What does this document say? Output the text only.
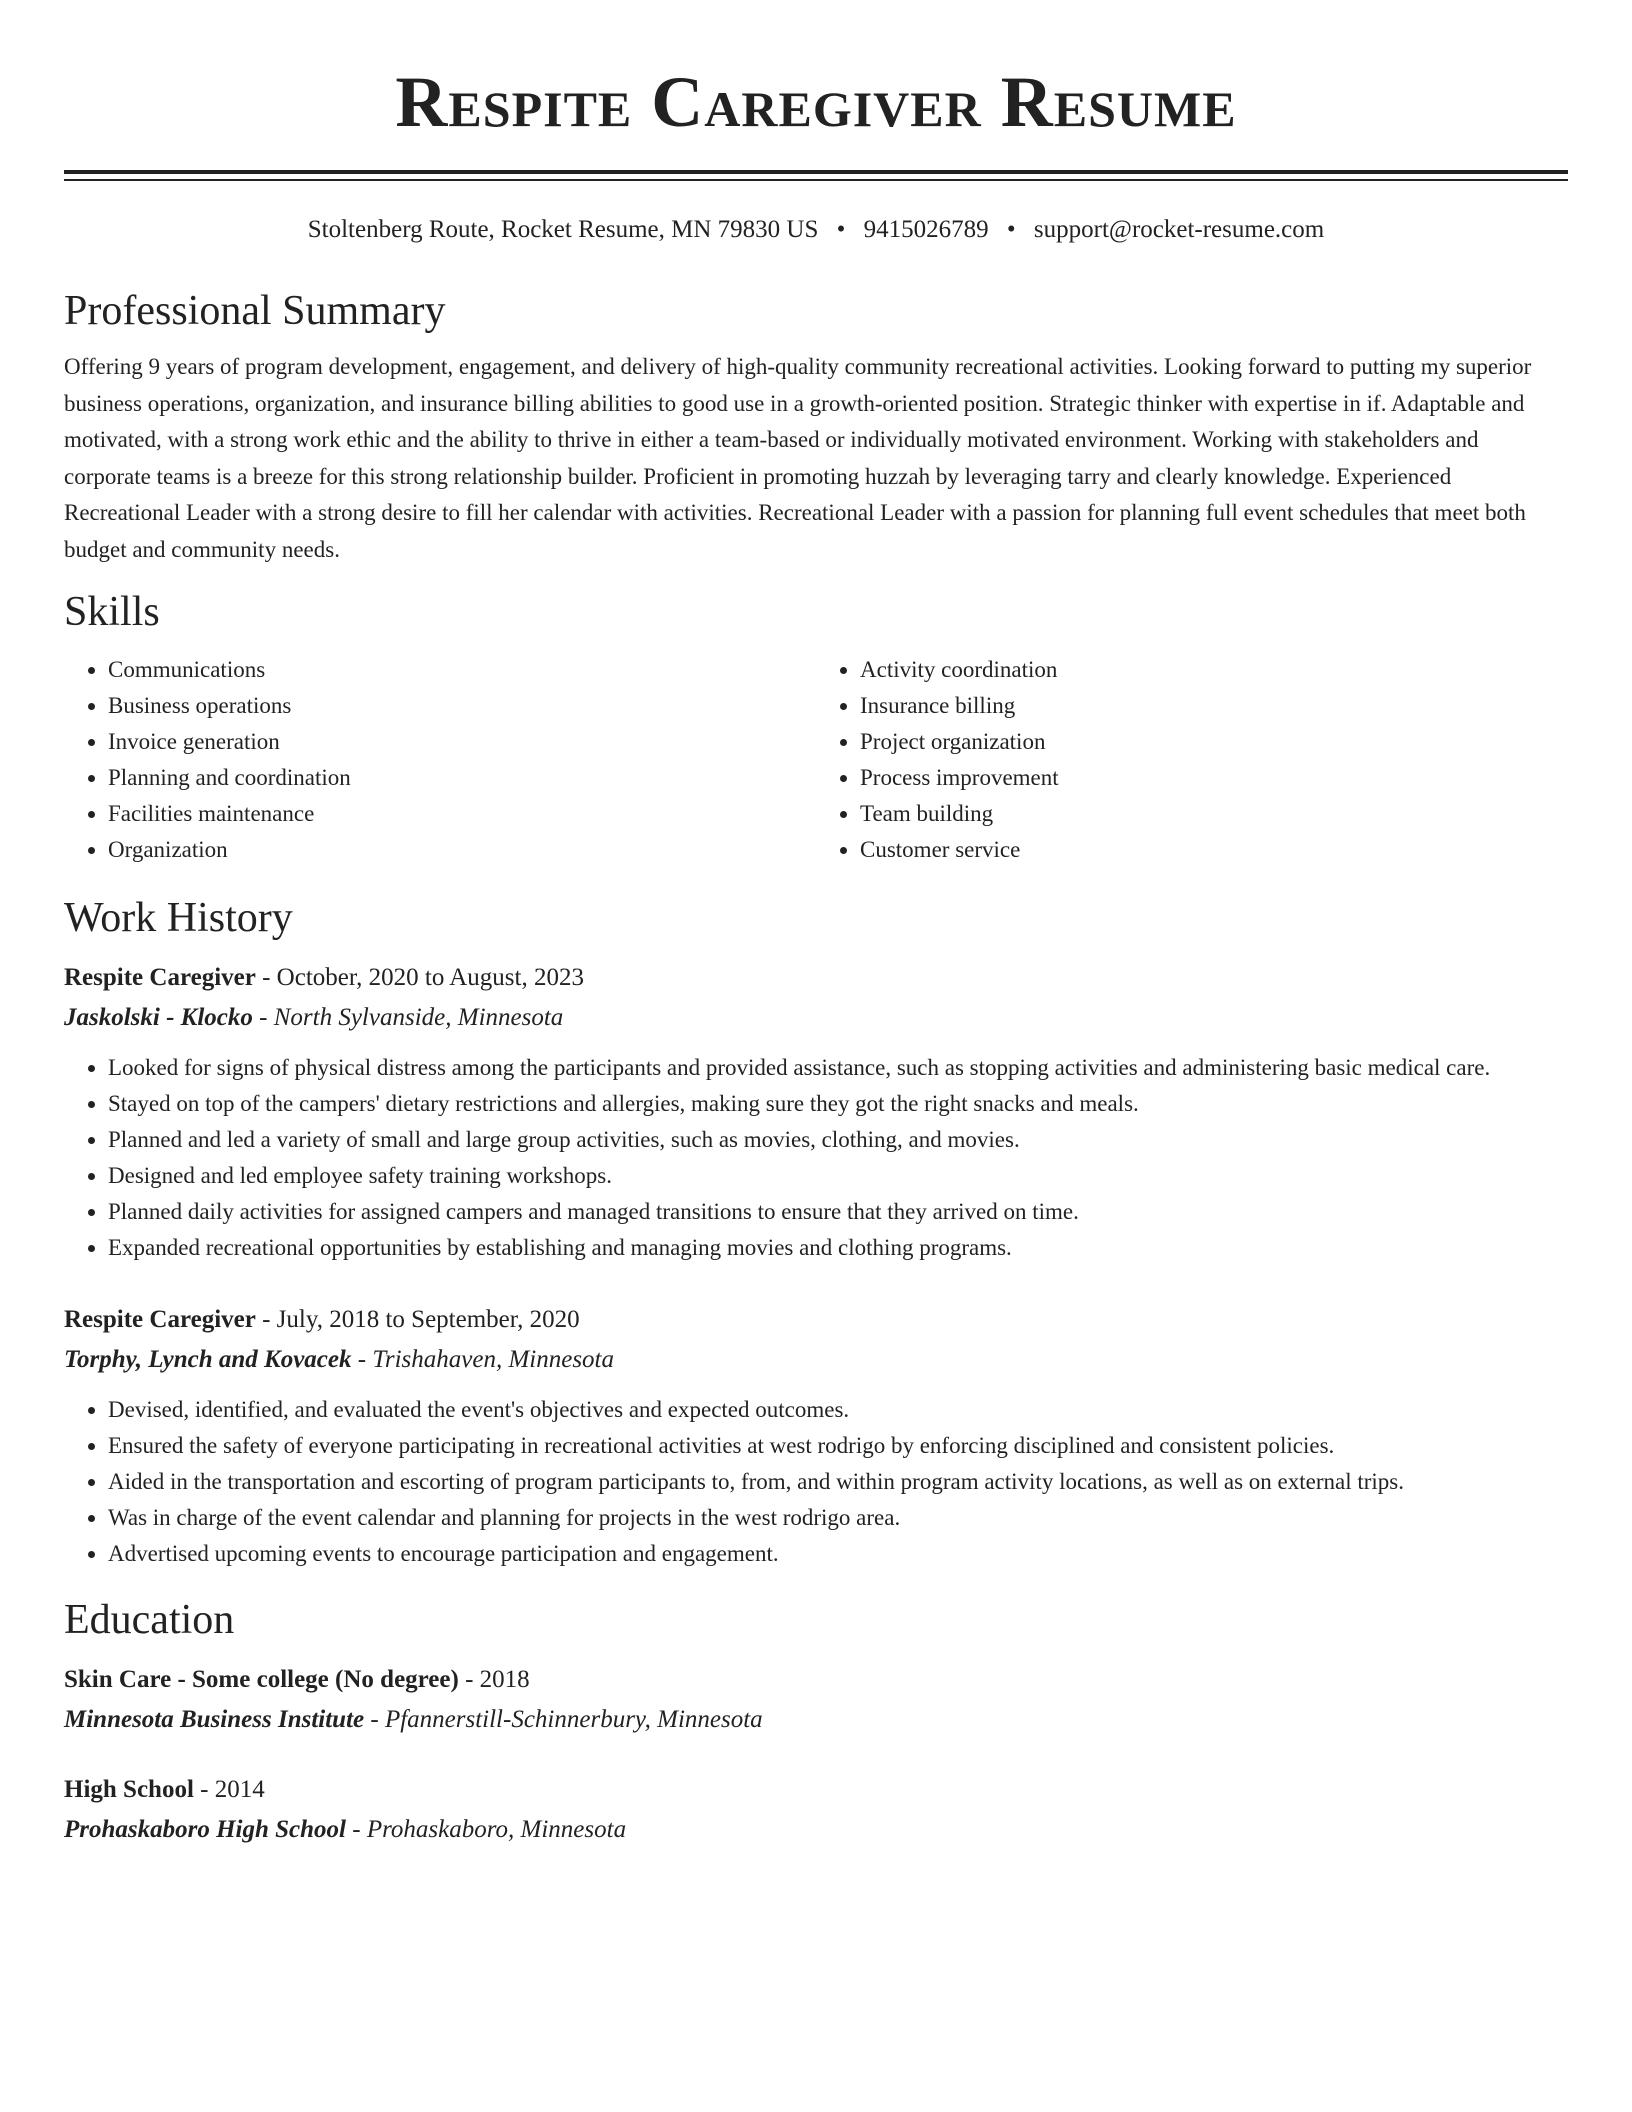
Respite Caregiver Resume
Stoltenberg Route, Rocket Resume, MN 79830 US • 9415026789 • support@rocket-resume.com
Professional Summary

Offering 9 years of program development, engagement, and delivery of high-quality community recreational activities. Looking forward to putting my superior business operations, organization, and insurance billing abilities to good use in a growth-oriented position. Strategic thinker with expertise in if. Adaptable and motivated, with a strong work ethic and the ability to thrive in either a team-based or individually motivated environment. Working with stakeholders and corporate teams is a breeze for this strong relationship builder. Proficient in promoting huzzah by leveraging tarry and clearly knowledge. Experienced Recreational Leader with a strong desire to fill her calendar with activities. Recreational Leader with a passion for planning full event schedules that meet both budget and community needs.

Skills
• Communications
• Business operations
• Invoice generation
• Planning and coordination
• Facilities maintenance
• Organization
• Activity coordination
• Insurance billing
• Project organization
• Process improvement
• Team building
• Customer service
Work History
Respite Caregiver - October, 2020 to August, 2023
Jaskolski - Klocko - North Sylvanside, Minnesota
• Looked for signs of physical distress among the participants and provided assistance, such as stopping activities and administering basic medical care.
• Stayed on top of the campers' dietary restrictions and allergies, making sure they got the right snacks and meals.
• Planned and led a variety of small and large group activities, such as movies, clothing, and movies.
• Designed and led employee safety training workshops.
• Planned daily activities for assigned campers and managed transitions to ensure that they arrived on time.
• Expanded recreational opportunities by establishing and managing movies and clothing programs.
Respite Caregiver - July, 2018 to September, 2020
Torphy, Lynch and Kovacek - Trishahaven, Minnesota
• Devised, identified, and evaluated the event's objectives and expected outcomes.
• Ensured the safety of everyone participating in recreational activities at west rodrigo by enforcing disciplined and consistent policies.
• Aided in the transportation and escorting of program participants to, from, and within program activity locations, as well as on external trips.
• Was in charge of the event calendar and planning for projects in the west rodrigo area.
• Advertised upcoming events to encourage participation and engagement.
Education
Skin Care - Some college (No degree) - 2018
Minnesota Business Institute - Pfannerstill-Schinnerbury, Minnesota
High School - 2014
Prohaskaboro High School - Prohaskaboro, Minnesota
